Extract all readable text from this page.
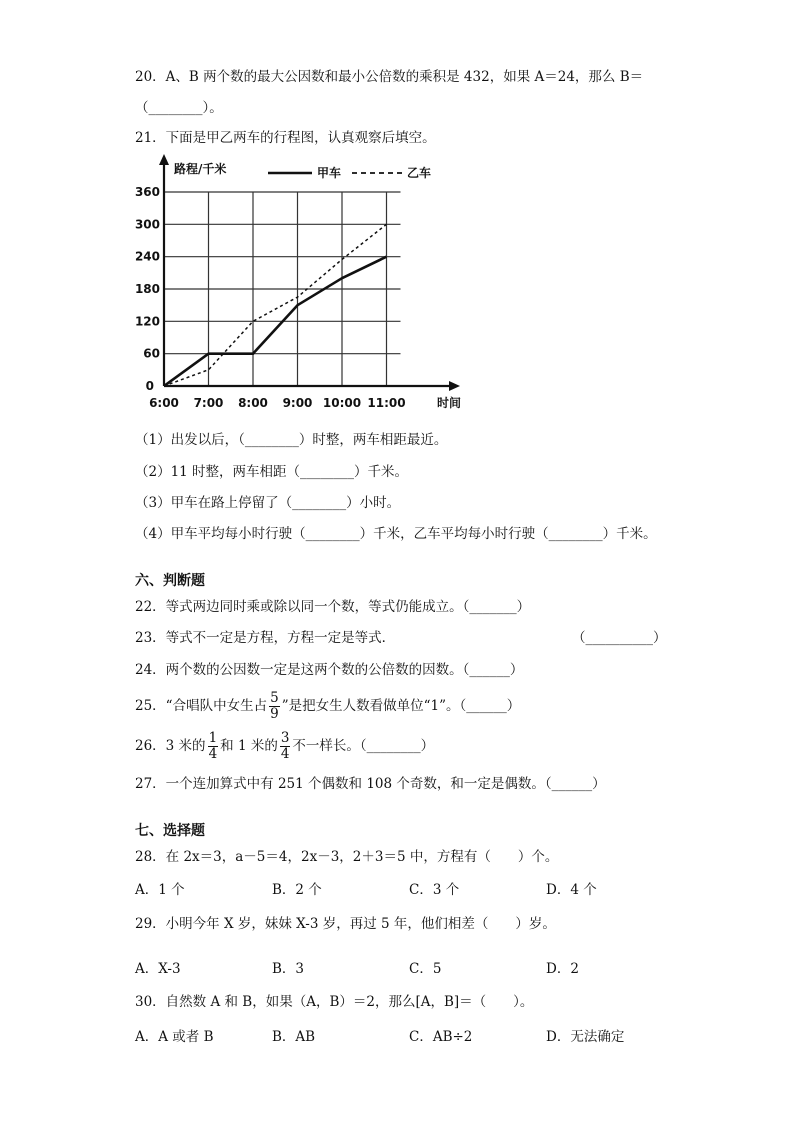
20．A、B 两个数的最大公因数和最小公倍数的乘积是 432，如果 A＝24，那么 B＝
（________）。
21．下面是甲乙两车的行程图，认真观察后填空。
0
60
120
180
240
300
360
6:00 7:00 8:00 9:00 10:00 11:00
路程/千米
时间
甲车	乙车
（1）出发以后，（________）时整，两车相距最近。
（2）11 时整，两车相距（________）千米。
（3）甲车在路上停留了（________）小时。
（4）甲车平均每小时行驶（________）千米，乙车平均每小时行驶（________）千米。
六、判断题
22．等式两边同时乘或除以同一个数，等式仍能成立。（_______）
23．等式不一定是方程，方程一定是等式．	（__________）
24．两个数的公因数一定是这两个数的公倍数的因数。（______）
25．“合唱队中女生占 $\frac{5}{9}$ ”是把女生人数看做单位“1”。（______）
26．3 米的 $\frac{1}{4}$ 和 1 米的 $\frac{3}{4}$ 不一样长。（________）
27．一个连加算式中有 251 个偶数和 108 个奇数，和一定是偶数。（______）
七、选择题
28．在 2x＝3，a－5＝4，2x－3，2＋3＝5 中，方程有（　　）个。
A．1 个	B．2 个	C．3 个	D．4 个
29．小明今年 X 岁，妹妹 X-3 岁，再过 5 年，他们相差（　　）岁。
A．X-3	B．3	C．5	D．2
30．自然数 A 和 B，如果（A，B）＝2，那么[A，B]＝（　　）。
A．A 或者 B	B．AB	C．AB÷2	D．无法确定
